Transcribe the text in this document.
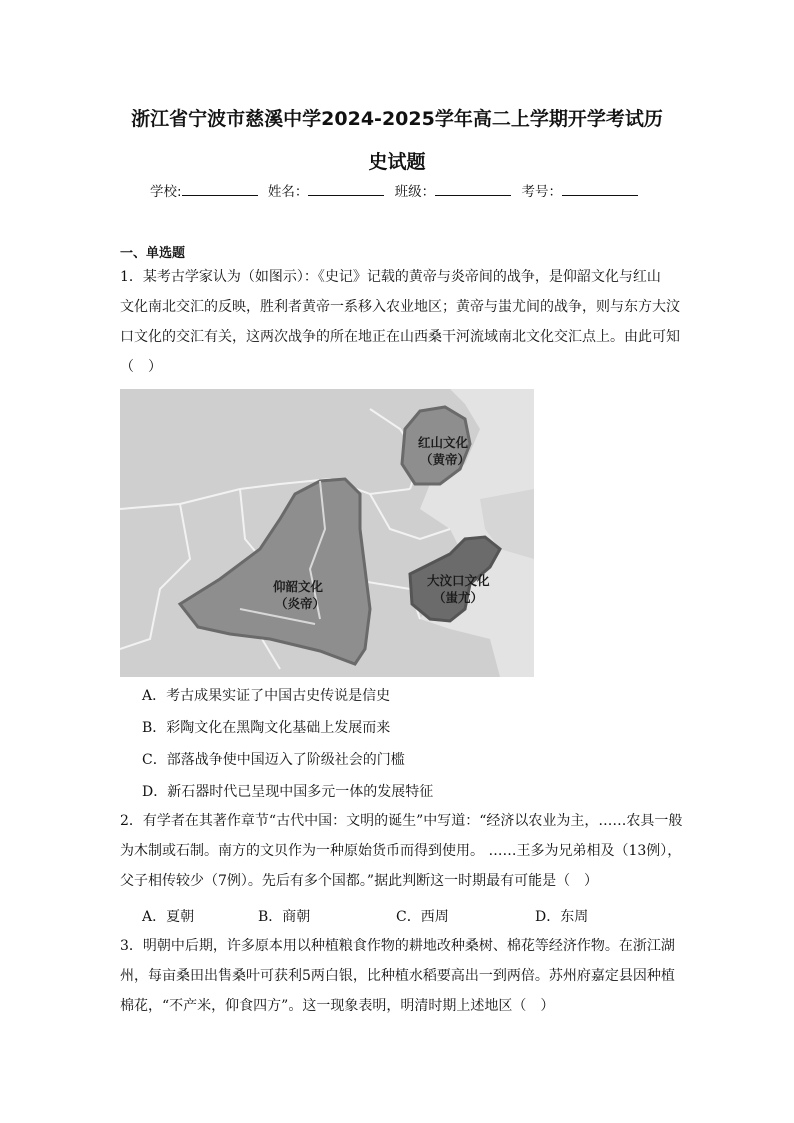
浙江省宁波市慈溪中学2024-2025学年高二上学期开学考试历
史试题
学校:	姓名：	班级：	考号：
一、单选题
1．某考古学家认为（如图示）：《史记》记载的黄帝与炎帝间的战争，是仰韶文化与红山
文化南北交汇的反映，胜利者黄帝一系移入农业地区；黄帝与蚩尤间的战争，则与东方大汶
口文化的交汇有关，这两次战争的所在地正在山西桑干河流域南北文化交汇点上。由此可知
（　）
红山文化
（黄帝）
仰韶文化
（炎帝）
大汶口文化
（蚩尤）
A．考古成果实证了中国古史传说是信史
B．彩陶文化在黑陶文化基础上发展而来
C．部落战争使中国迈入了阶级社会的门槛
D．新石器时代已呈现中国多元一体的发展特征
2．有学者在其著作章节“古代中国：文明的诞生”中写道：“经济以农业为主，……农具一般
为木制或石制。南方的文贝作为一种原始货币而得到使用。 ……王多为兄弟相及（13例），
父子相传较少（7例）。先后有多个国都。”据此判断这一时期最有可能是（　）
A．夏朝	B．商朝	C．西周	D．东周
3．明朝中后期，许多原本用以种植粮食作物的耕地改种桑树、棉花等经济作物。在浙江湖
州，每亩桑田出售桑叶可获利5两白银，比种植水稻要高出一到两倍。苏州府嘉定县因种植
棉花，“不产米，仰食四方”。这一现象表明，明清时期上述地区（　）
